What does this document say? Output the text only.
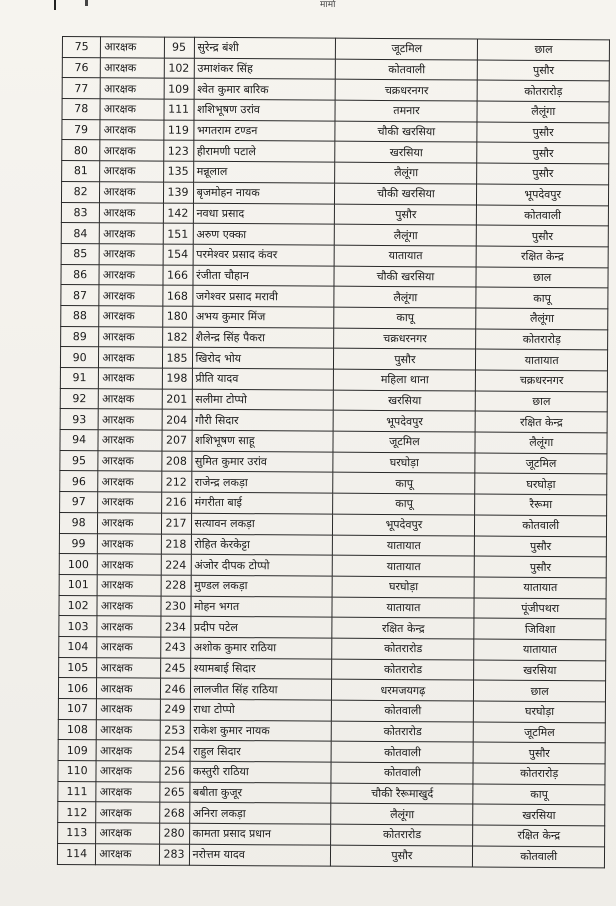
मार्मा
75	आरक्षक	95	सुरेन्द्र बंशी	जूटमिल	छाल
76	आरक्षक	102	उमाशंकर सिंह	कोतवाली	पुसौर
77	आरक्षक	109	श्वेत कुमार बारिक	चक्रधरनगर	कोतरारोड़
78	आरक्षक	111	शशिभूषण उरांव	तमनार	लैलूंगा
79	आरक्षक	119	भगतराम टण्डन	चौकी खरसिया	पुसौर
80	आरक्षक	123	हीरामणी पटाले	खरसिया	पुसौर
81	आरक्षक	135	मन्नूलाल	लैलूंगा	पुसौर
82	आरक्षक	139	बृजमोहन नायक	चौकी खरसिया	भूपदेवपुर
83	आरक्षक	142	नवधा प्रसाद	पुसौर	कोतवाली
84	आरक्षक	151	अरुण एक्का	लैलूंगा	पुसौर
85	आरक्षक	154	परमेश्वर प्रसाद कंवर	यातायात	रक्षित केन्द्र
86	आरक्षक	166	रंजीता चौहान	चौकी खरसिया	छाल
87	आरक्षक	168	जगेश्वर प्रसाद मरावी	लैलूंगा	कापू
88	आरक्षक	180	अभय कुमार मिंज	कापू	लैलूंगा
89	आरक्षक	182	शैलेन्द्र सिंह पैकरा	चक्रधरनगर	कोतरारोड़
90	आरक्षक	185	खिरोद भोय	पुसौर	यातायात
91	आरक्षक	198	प्रीति यादव	महिला थाना	चक्रधरनगर
92	आरक्षक	201	सलीमा टोप्पो	खरसिया	छाल
93	आरक्षक	204	गौरी सिदार	भूपदेवपुर	रक्षित केन्द्र
94	आरक्षक	207	शशिभूषण साहू	जूटमिल	लैलूंगा
95	आरक्षक	208	सुमित कुमार उरांव	घरघोड़ा	जूटमिल
96	आरक्षक	212	राजेन्द्र लकड़ा	कापू	घरघोड़ा
97	आरक्षक	216	मंगरीता बाई	कापू	रैरूमा
98	आरक्षक	217	सत्यावन लकड़ा	भूपदेवपुर	कोतवाली
99	आरक्षक	218	रोहित केरकेट्टा	यातायात	पुसौर
100	आरक्षक	224	अंजोर दीपक टोप्पो	यातायात	पुसौर
101	आरक्षक	228	मुण्डल लकड़ा	घरघोड़ा	यातायात
102	आरक्षक	230	मोहन भगत	यातायात	पूंजीपथरा
103	आरक्षक	234	प्रदीप पटेल	रक्षित केन्द्र	जिविशा
104	आरक्षक	243	अशोक कुमार राठिया	कोतरारोड	यातायात
105	आरक्षक	245	श्यामबाई सिदार	कोतरारोड	खरसिया
106	आरक्षक	246	लालजीत सिंह राठिया	धरमजयगढ़	छाल
107	आरक्षक	249	राधा टोप्पो	कोतवाली	घरघोड़ा
108	आरक्षक	253	राकेश कुमार नायक	कोतरारोड	जूटमिल
109	आरक्षक	254	राहुल सिदार	कोतवाली	पुसौर
110	आरक्षक	256	कस्तुरी राठिया	कोतवाली	कोतरारोड़
111	आरक्षक	265	बबीता कुजूर	चौकी रैरूमाखुर्द	कापू
112	आरक्षक	268	अनिरा लकड़ा	लैलूंगा	खरसिया
113	आरक्षक	280	कामता प्रसाद प्रधान	कोतरारोड	रक्षित केन्द्र
114	आरक्षक	283	नरोत्तम यादव	पुसौर	कोतवाली
